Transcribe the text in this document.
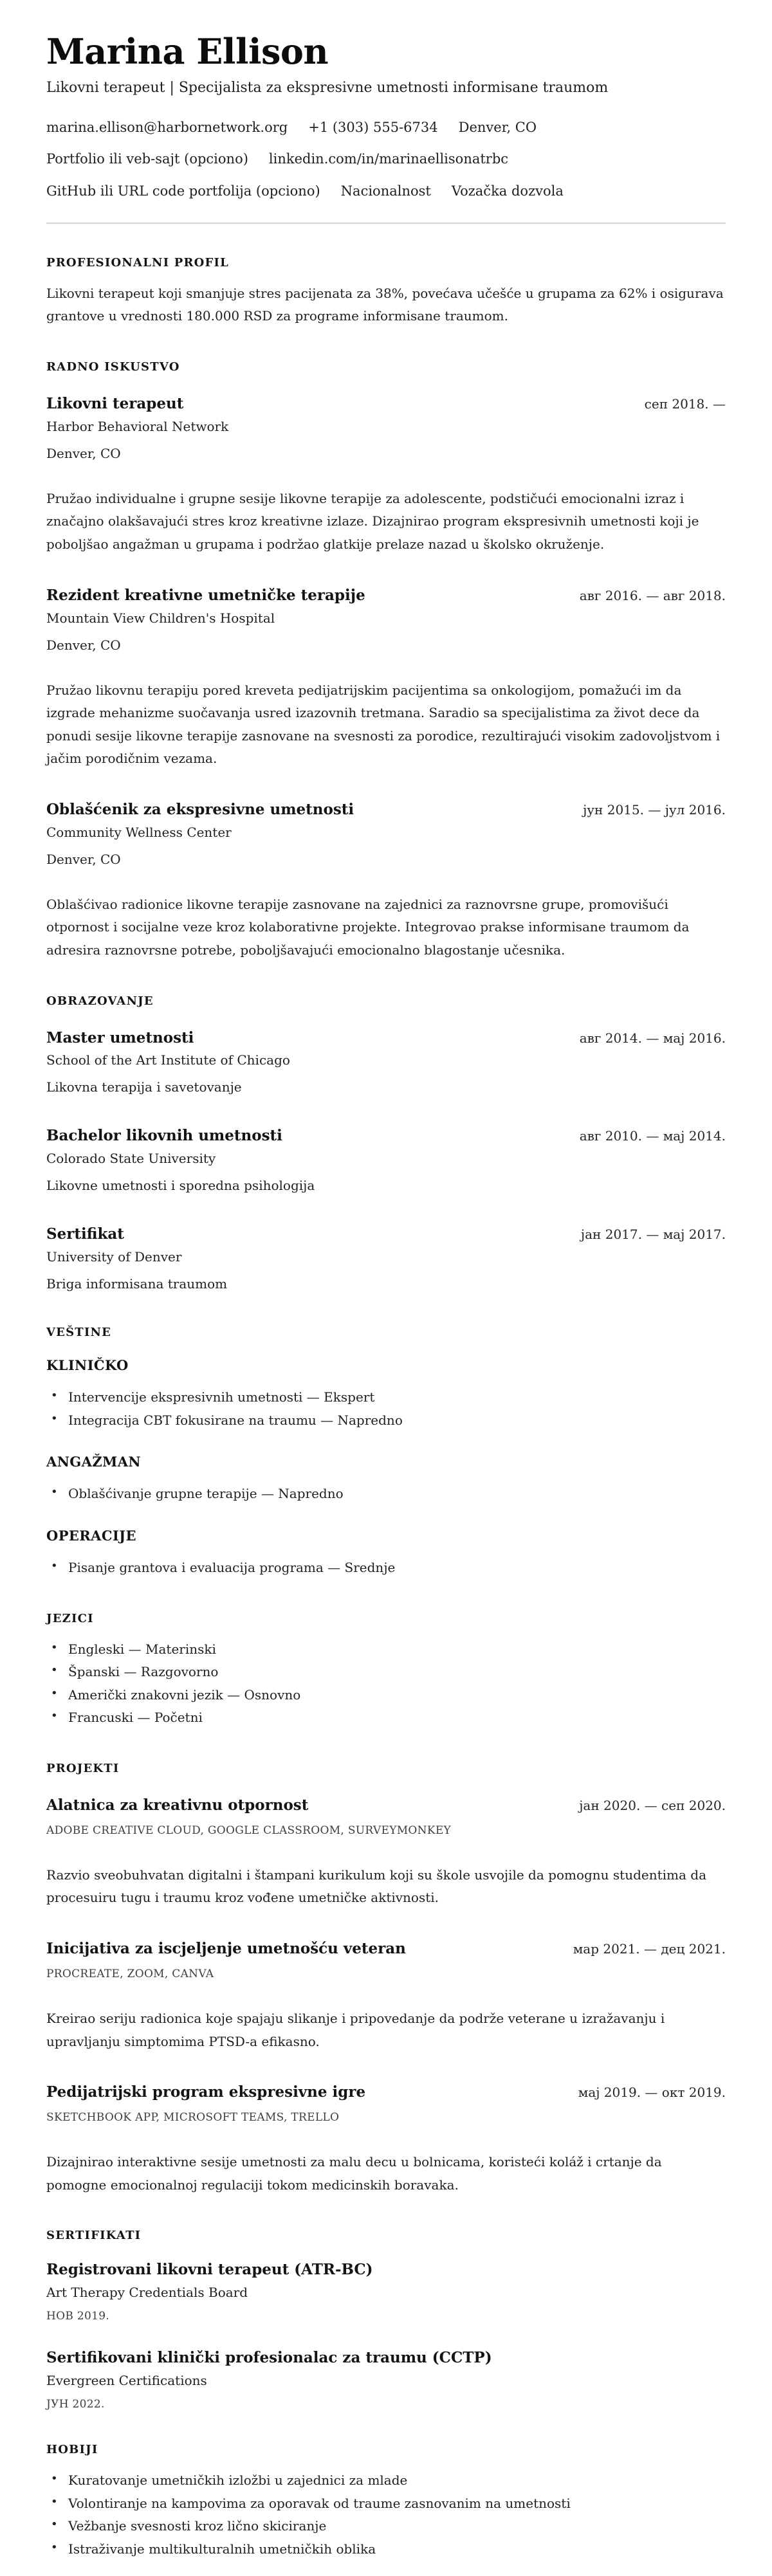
Marina Ellison
Likovni terapeut | Specijalista za ekspresivne umetnosti informisane traumom
marina.ellison@harbornetwork.org +1 (303) 555-6734 Denver, CO
Portfolio ili veb-sajt (opciono) linkedin.com/in/marinaellisonatrbc
GitHub ili URL code portfolija (opciono) Nacionalnost Vozačka dozvola
PROFESIONALNI PROFIL

Likovni terapeut koji smanjuje stres pacijenata za 38%, povećava učešće u grupama za 62% i osigurava grantove u vrednosti 180.000 RSD za programe informisane traumom.

RADNO ISKUSTVO
Likovni terapeut	сеп 2018. —
Harbor Behavioral Network
Denver, CO

Pružao individualne i grupne sesije likovne terapije za adolescente, podstičući emocionalni izraz i značajno olakšavajući stres kroz kreativne izlaze. Dizajnirao program ekspresivnih umetnosti koji je poboljšao angažman u grupama i podržao glatkije prelaze nazad u školsko okruženje.

Rezident kreativne umetničke terapije	авг 2016. — авг 2018.
Mountain View Children's Hospital
Denver, CO

Pružao likovnu terapiju pored kreveta pedijatrijskim pacijentima sa onkologijom, pomažući im da izgrade mehanizme suočavanja usred izazovnih tretmana. Saradio sa specijalistima za život dece da ponudi sesije likovne terapije zasnovane na svesnosti za porodice, rezultirajući visokim zadovoljstvom i jačim porodičnim vezama.

Oblašćenik za ekspresivne umetnosti	јун 2015. — јул 2016.
Community Wellness Center
Denver, CO

Oblašćivao radionice likovne terapije zasnovane na zajednici za raznovrsne grupe, promovišući otpornost i socijalne veze kroz kolaborativne projekte. Integrovao prakse informisane traumom da adresira raznovrsne potrebe, poboljšavajući emocionalno blagostanje učesnika.

OBRAZOVANJE
Master umetnosti	авг 2014. — мај 2016.
School of the Art Institute of Chicago
Likovna terapija i savetovanje
Bachelor likovnih umetnosti	авг 2010. — мај 2014.
Colorado State University
Likovne umetnosti i sporedna psihologija
Sertifikat	јан 2017. — мај 2017.
University of Denver
Briga informisana traumom
VEŠTINE
KLINIČKO
• Intervencije ekspresivnih umetnosti — Ekspert
• Integracija CBT fokusirane na traumu — Napredno
ANGAŽMAN
• Oblašćivanje grupne terapije — Napredno
OPERACIJE
• Pisanje grantova i evaluacija programa — Srednje
JEZICI
• Engleski — Materinski
• Španski — Razgovorno
• Američki znakovni jezik — Osnovno
• Francuski — Početni
PROJEKTI
Alatnica za kreativnu otpornost	јан 2020. — сеп 2020.
ADOBE CREATIVE CLOUD, GOOGLE CLASSROOM, SURVEYMONKEY

Razvio sveobuhvatan digitalni i štampani kurikulum koji su škole usvojile da pomognu studentima da procesuiru tugu i traumu kroz vođene umetničke aktivnosti.

Inicijativa za iscjeljenje umetnošću veteran	мар 2021. — дец 2021.
PROCREATE, ZOOM, CANVA

Kreirao seriju radionica koje spajaju slikanje i pripovedanje da podrže veterane u izražavanju i upravljanju simptomima PTSD-a efikasno.

Pedijatrijski program ekspresivne igre	мај 2019. — окт 2019.
SKETCHBOOK APP, MICROSOFT TEAMS, TRELLO

Dizajnirao interaktivne sesije umetnosti za malu decu u bolnicama, koristeći koláž i crtanje da pomogne emocionalnoj regulaciji tokom medicinskih boravaka.

SERTIFIKATI
Registrovani likovni terapeut (ATR-BC)
Art Therapy Credentials Board
НОВ 2019.
Sertifikovani klinički profesionalac za traumu (CCTP)
Evergreen Certifications
ЈУН 2022.
HOBIJI
• Kuratovanje umetničkih izložbi u zajednici za mlade
• Volontiranje na kampovima za oporavak od traume zasnovanim na umetnosti
• Vežbanje svesnosti kroz lično skiciranje
• Istraživanje multikulturalnih umetničkih oblika
